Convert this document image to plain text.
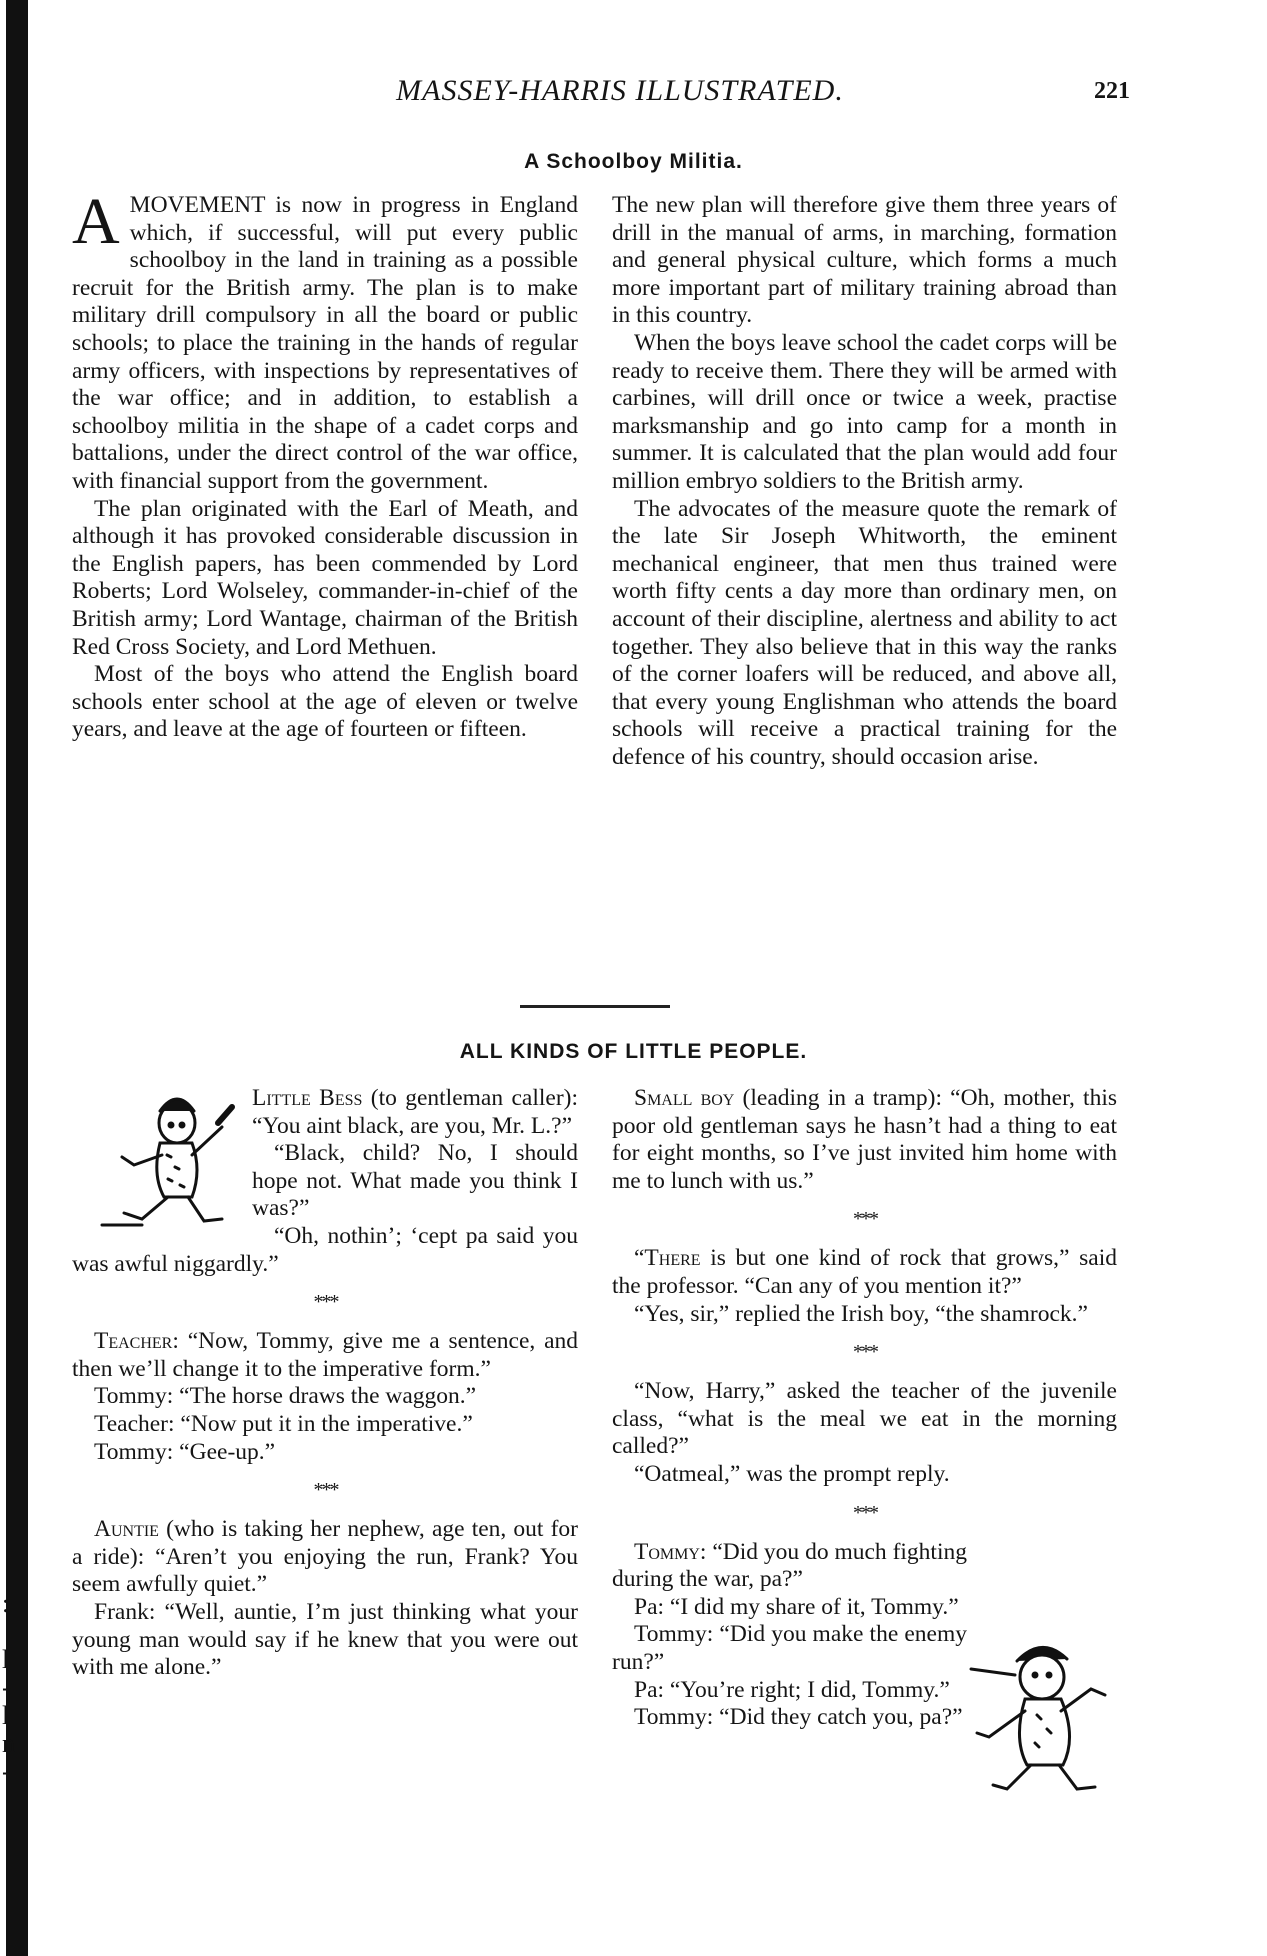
:

l
-
l
n
-
MASSEY-HARRIS ILLUSTRATED.	221
A Schoolboy Militia.

AMOVEMENT is now in progress in England which, if successful, will put every public schoolboy in the land in training as a possible recruit for the British army. The plan is to make military drill compulsory in all the board or public schools; to place the training in the hands of regular army officers, with inspections by representatives of the war office; and in addition, to establish a schoolboy militia in the shape of a cadet corps and battalions, under the direct control of the war office, with financial support from the government.

The plan originated with the Earl of Meath, and although it has provoked considerable discussion in the English papers, has been commended by Lord Roberts; Lord Wolseley, commander-in-chief of the British army; Lord Wantage, chairman of the British Red Cross Society, and Lord Methuen.

Most of the boys who attend the English board schools enter school at the age of eleven or twelve years, and leave at the age of fourteen or fifteen.

The new plan will therefore give them three years of drill in the manual of arms, in marching, formation and general physical culture, which forms a much more important part of military training abroad than in this country.

When the boys leave school the cadet corps will be ready to receive them. There they will be armed with carbines, will drill once or twice a week, practise marksmanship and go into camp for a month in summer. It is calculated that the plan would add four million embryo soldiers to the British army.

The advocates of the measure quote the remark of the late Sir Joseph Whitworth, the eminent mechanical engineer, that men thus trained were worth fifty cents a day more than ordinary men, on account of their discipline, alertness and ability to act together. They also believe that in this way the ranks of the corner loafers will be reduced, and above all, that every young Englishman who attends the board schools will receive a practical training for the defence of his country, should occasion arise.

ALL KINDS OF LITTLE PEOPLE.

Little Bess (to gentleman caller): “You aint black, are you, Mr. L.?”

“Black, child? No, I should hope not. What made you think I was?”

“Oh, nothin’; ‘cept pa said you was awful niggardly.”

* * *

Teacher: “Now, Tommy, give me a sentence, and then we’ll change it to the imperative form.”

Tommy: “The horse draws the waggon.”

Teacher: “Now put it in the imperative.”

Tommy: “Gee-up.”

* * *

Auntie (who is taking her nephew, age ten, out for a ride): “Aren’t you enjoying the run, Frank? You seem awfully quiet.”

Frank: “Well, auntie, I’m just thinking what your young man would say if he knew that you were out with me alone.”

Small boy (leading in a tramp): “Oh, mother, this poor old gentleman says he hasn’t had a thing to eat for eight months, so I’ve just invited him home with me to lunch with us.”

* * *

“There is but one kind of rock that grows,” said the professor. “Can any of you mention it?”

“Yes, sir,” replied the Irish boy, “the shamrock.”

* * *

“Now, Harry,” asked the teacher of the juvenile class, “what is the meal we eat in the morning called?”

“Oatmeal,” was the prompt reply.

* * *

Tommy: “Did you do much fighting during the war, pa?”

Pa: “I did my share of it, Tommy.”

Tommy: “Did you make the enemy run?”

Pa: “You’re right; I did, Tommy.”

Tommy: “Did they catch you, pa?”
